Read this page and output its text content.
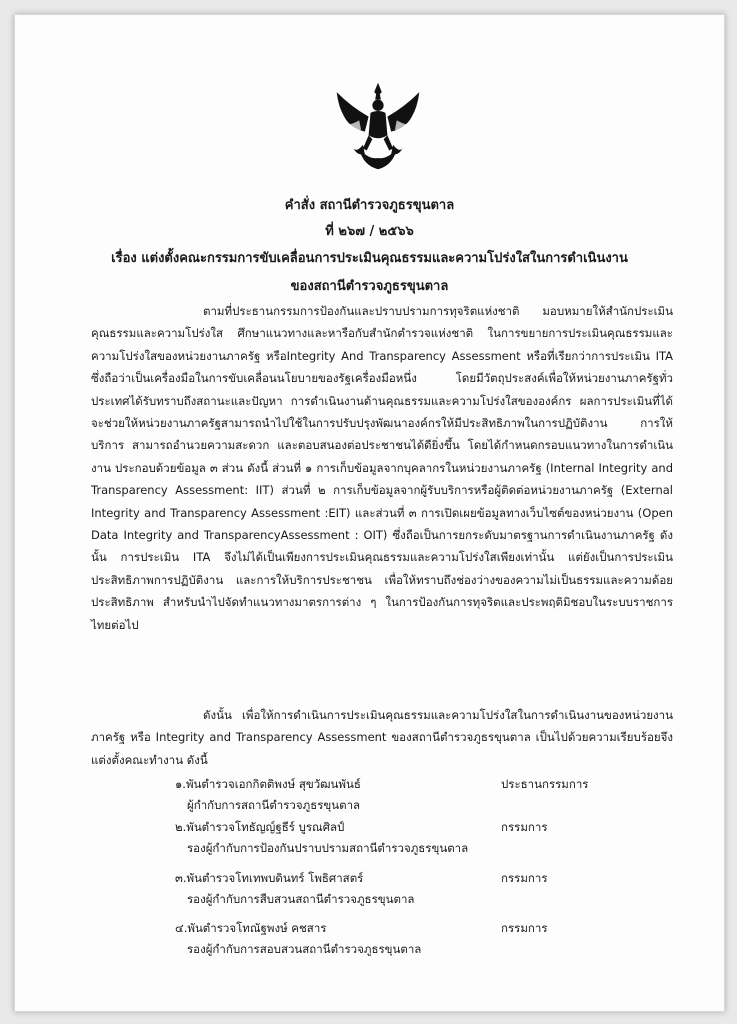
คำสั่ง สถานีตำรวจภูธรขุนตาล
ที่ ๒๖๗ / ๒๕๖๖
เรื่อง แต่งตั้งคณะกรรมการขับเคลื่อนการประเมินคุณธรรมและความโปร่งใสในการดำเนินงาน
ของสถานีตำรวจภูธรขุนตาล
ตามที่ประธานกรรมการป้องกันและปราบปรามการทุจริตแห่งชาติ มอบหมายให้สำนักประเมินคุณธรรมและความโปร่งใส ศึกษาแนวทางและหารือกับสำนักตำรวจแห่งชาติ ในการขยายการประเมินคุณธรรมและความโปร่งใสของหน่วยงานภาครัฐ หรือIntegrity And Transparency Assessment หรือที่เรียกว่าการประเมิน ITA ซึ่งถือว่าเป็นเครื่องมือในการขับเคลื่อนนโยบายของรัฐเครื่องมือหนึ่ง โดยมีวัตถุประสงค์เพื่อให้หน่วยงานภาครัฐทั่วประเทศได้รับทราบถึงสถานะและปัญหา การดำเนินงานด้านคุณธรรมและความโปร่งใสขององค์กร ผลการประเมินที่ได้จะช่วยให้หน่วยงานภาครัฐสามารถนำไปใช้ในการปรับปรุงพัฒนาองค์กรให้มีประสิทธิภาพในการปฏิบัติงาน การให้บริการ สามารถอำนวยความสะดวก และตอบสนองต่อประชาชนได้ดียิ่งขึ้น โดยได้กำหนดกรอบแนวทางในการดำเนินงาน ประกอบด้วยข้อมูล ๓ ส่วน ดังนี้ ส่วนที่ ๑ การเก็บข้อมูลจากบุคลากรในหน่วยงานภาครัฐ (Internal Integrity and Transparency Assessment: IIT) ส่วนที่ ๒ การเก็บข้อมูลจากผู้รับบริการหรือผู้ติดต่อหน่วยงานภาครัฐ (External Integrity and Transparency Assessment :EIT) และส่วนที่ ๓ การเปิดเผยข้อมูลทางเว็บไซต์ของหน่วยงาน (Open Data Integrity and TransparencyAssessment : OIT) ซึ่งถือเป็นการยกระดับมาตรฐานการดำเนินงานภาครัฐ ดังนั้น การประเมิน ITA จึงไม่ได้เป็นเพียงการประเมินคุณธรรมและความโปร่งใสเพียงเท่านั้น แต่ยังเป็นการประเมินประสิทธิภาพการปฏิบัติงาน และการให้บริการประชาชน เพื่อให้ทราบถึงช่องว่างของความไม่เป็นธรรมและความด้อยประสิทธิภาพ สำหรับนำไปจัดทำแนวทางมาตรการต่าง ๆ ในการป้องกันการทุจริตและประพฤติมิชอบในระบบราชการไทยต่อไป
ดังนั้น เพื่อให้การดำเนินการประเมินคุณธรรมและความโปร่งใสในการดำเนินงานของหน่วยงานภาครัฐ หรือ Integrity and Transparency Assessment ของสถานีตำรวจภูธรขุนตาล เป็นไปด้วยความเรียบร้อยจึงแต่งตั้งคณะทำงาน ดังนี้
๑.พันตำรวจเอกกิตติพงษ์ สุขวัฒนพันธ์
ผู้กำกับการสถานีตำรวจภูธรขุนตาล
ประธานกรรมการ
๒.พันตำรวจโทธัญญ์ฐธีร์ บูรณศิลป์
รองผู้กำกับการป้องกันปราบปรามสถานีตำรวจภูธรขุนตาล
กรรมการ
๓.พันตำรวจโทเทพบดินทร์ โพธิศาสตร์
รองผู้กำกับการสืบสวนสถานีตำรวจภูธรขุนตาล
กรรมการ
๔.พันตำรวจโทณัฐพงษ์ คชสาร
รองผู้กำกับการสอบสวนสถานีตำรวจภูธรขุนตาล
กรรมการ
